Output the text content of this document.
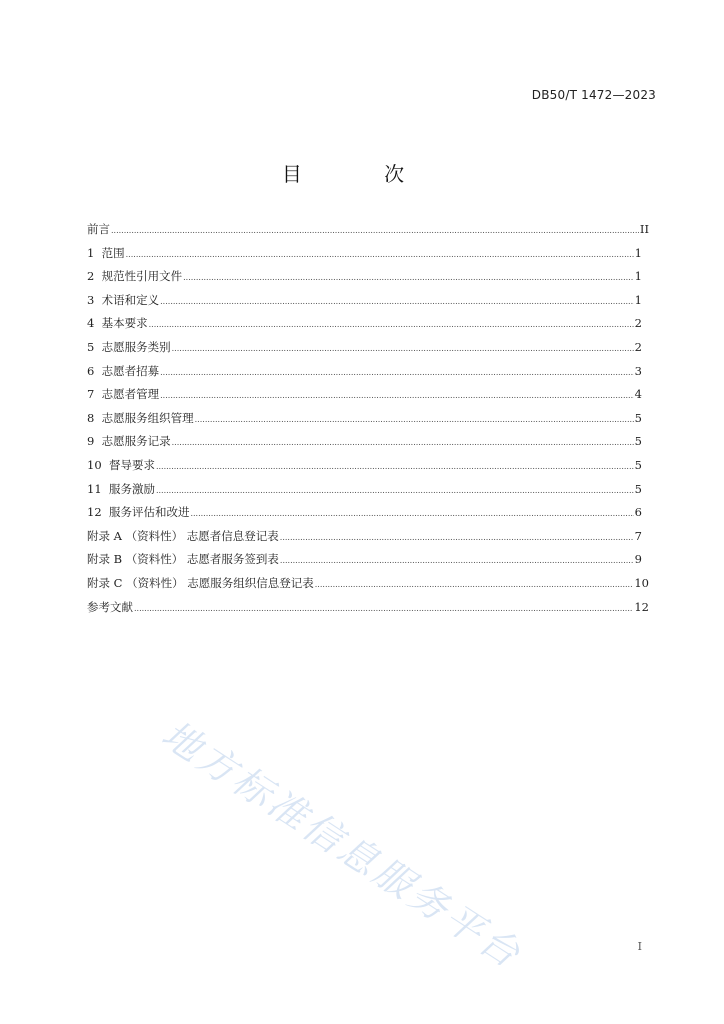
DB50/T 1472—2023
目 次
前言 .....	II
1  范围 .....	1
2  规范性引用文件 .....	1
3  术语和定义 .....	1
4  基本要求 .....	2
5  志愿服务类别 .....	2
6  志愿者招募 .....	3
7  志愿者管理 .....	4
8  志愿服务组织管理 .....	5
9  志愿服务记录 .....	5
10  督导要求 .....	5
11  服务激励 .....	5
12  服务评估和改进 .....	6
附录 A （资料性） 志愿者信息登记表 .....	7
附录 B （资料性） 志愿者服务签到表 .....	9
附录 C （资料性） 志愿服务组织信息登记表 .....	10
参考文献 .....	12
地方标准信息服务平台	I
